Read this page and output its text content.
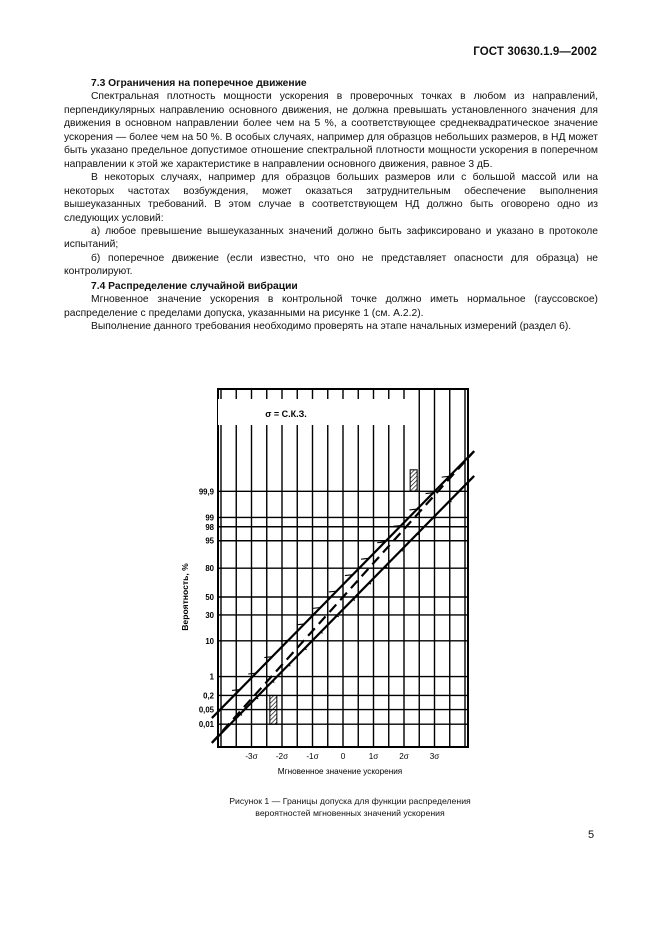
ГОСТ 30630.1.9—2002

7.3 Ограничения на поперечное движение

Спектральная плотность мощности ускорения в проверочных точках в любом из направлений, перпендикулярных направлению основного движения, не должна превышать установленного значения для движения в основном направлении более чем на 5 %, а соответствующее среднеквадратическое значение ускорения — более чем на 50 %. В особых случаях, например для образцов небольших размеров, в НД может быть указано предельное допустимое отношение спектральной плотности мощности ускорения в поперечном направлении к этой же характеристике в направлении основного движения, равное 3 дБ.

В некоторых случаях, например для образцов больших размеров или с большой массой или на некоторых частотах возбуждения, может оказаться затруднительным обеспечение выполнения вышеуказанных требований. В этом случае в соответствующем НД должно быть оговорено одно из следующих условий:

а) любое превышение вышеуказанных значений должно быть зафиксировано и указано в протоколе испытаний;

б) поперечное движение (если известно, что оно не представляет опасности для образца) не контролируют.

7.4 Распределение случайной вибрации

Мгновенное значение ускорения в контрольной точке должно иметь нормальное (гауссовское) распределение с пределами допуска, указанными на рисунке 1 (см. А.2.2).

Выполнение данного требования необходимо проверять на этапе начальных измерений (раздел 6).

99,9
99
98
95
80
50
30
10
1
0,2
0,05
0,01
-3σ -2σ -1σ	0	1σ	2σ	3σ
σ = С.К.З.
Мгновенное значение ускорения
Вероятность, %
Рисунок 1 — Границы допуска для функции распределения
вероятностей мгновенных значений ускорения
5
